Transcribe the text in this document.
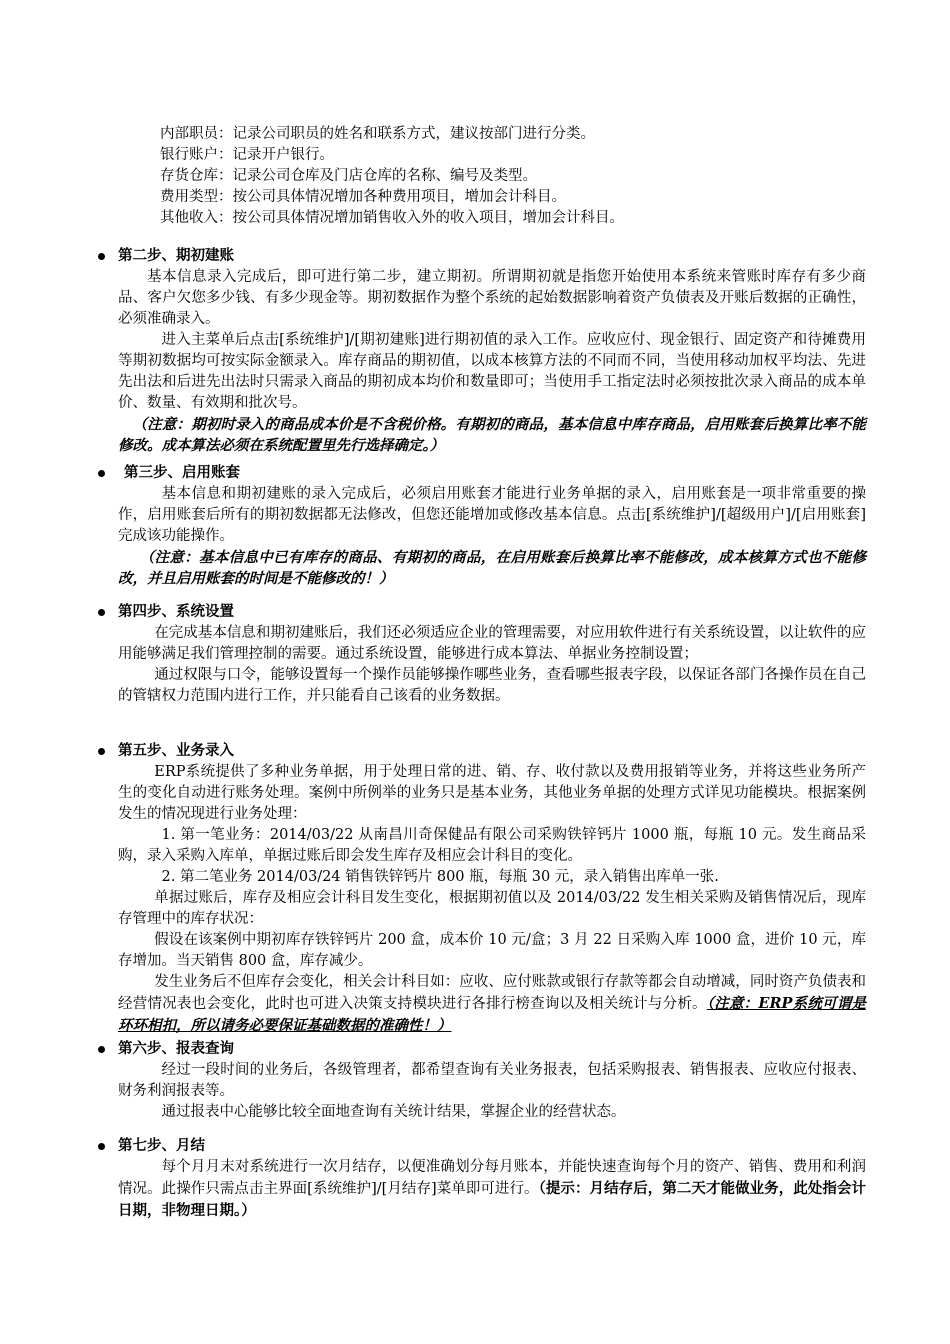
内部职员：记录公司职员的姓名和联系方式，建议按部门进行分类。
银行账户：记录开户银行。
存货仓库：记录公司仓库及门店仓库的名称、编号及类型。
费用类型：按公司具体情况增加各种费用项目，增加会计科目。
其他收入：按公司具体情况增加销售收入外的收入项目，增加会计科目。
第二步、期初建账
基本信息录入完成后，即可进行第二步，建立期初。所谓期初就是指您开始使用本系统来管账时库存有多少商品、客户欠您多少钱、有多少现金等。期初数据作为整个系统的起始数据影响着资产负债表及开账后数据的正确性，必须准确录入。
进入主菜单后点击[系统维护]/[期初建账]进行期初值的录入工作。应收应付、现金银行、固定资产和待摊费用等期初数据均可按实际金额录入。库存商品的期初值，以成本核算方法的不同而不同，当使用移动加权平均法、先进先出法和后进先出法时只需录入商品的期初成本均价和数量即可；当使用手工指定法时必须按批次录入商品的成本单价、数量、有效期和批次号。
（注意：期初时录入的商品成本价是不含税价格。有期初的商品，基本信息中库存商品，启用账套后换算比率不能修改。成本算法必须在系统配置里先行选择确定。）
第三步、启用账套
基本信息和期初建账的录入完成后，必须启用账套才能进行业务单据的录入，启用账套是一项非常重要的操作，启用账套后所有的期初数据都无法修改，但您还能增加或修改基本信息。点击[系统维护]/[超级用户]/[启用账套]完成该功能操作。
（注意：基本信息中已有库存的商品、有期初的商品，在启用账套后换算比率不能修改，成本核算方式也不能修改，并且启用账套的时间是不能修改的！）
第四步、系统设置
在完成基本信息和期初建账后，我们还必须适应企业的管理需要，对应用软件进行有关系统设置，以让软件的应用能够满足我们管理控制的需要。通过系统设置，能够进行成本算法、单据业务控制设置；
通过权限与口令，能够设置每一个操作员能够操作哪些业务，查看哪些报表字段，以保证各部门各操作员在自己的管辖权力范围内进行工作，并只能看自己该看的业务数据。
第五步、业务录入
ERP系统提供了多种业务单据，用于处理日常的进、销、存、收付款以及费用报销等业务，并将这些业务所产生的变化自动进行账务处理。案例中所例举的业务只是基本业务，其他业务单据的处理方式详见功能模块。根据案例发生的情况现进行业务处理：
1. 第一笔业务：2014/03/22 从南昌川奇保健品有限公司采购铁锌钙片 1000 瓶，每瓶 10 元。发生商品采购，录入采购入库单，单据过账后即会发生库存及相应会计科目的变化。
2. 第二笔业务 2014/03/24 销售铁锌钙片 800 瓶，每瓶 30 元，录入销售出库单一张.
单据过账后，库存及相应会计科目发生变化，根据期初值以及 2014/03/22 发生相关采购及销售情况后，现库存管理中的库存状况：
假设在该案例中期初库存铁锌钙片 200 盒，成本价 10 元/盒；3 月 22 日采购入库 1000 盒，进价 10 元，库存增加。当天销售 800 盒，库存减少。
发生业务后不但库存会变化，相关会计科目如：应收、应付账款或银行存款等都会自动增减，同时资产负债表和经营情况表也会变化，此时也可进入决策支持模块进行各排行榜查询以及相关统计与分析。（注意：ERP系统可谓是环环相扣，所以请务必要保证基础数据的准确性！）
第六步、报表查询
经过一段时间的业务后，各级管理者，都希望查询有关业务报表，包括采购报表、销售报表、应收应付报表、财务利润报表等。
通过报表中心能够比较全面地查询有关统计结果，掌握企业的经营状态。
第七步、月结
每个月月末对系统进行一次月结存，以便准确划分每月账本，并能快速查询每个月的资产、销售、费用和利润情况。此操作只需点击主界面[系统维护]/[月结存]菜单即可进行。（提示：月结存后，第二天才能做业务，此处指会计日期，非物理日期。）
